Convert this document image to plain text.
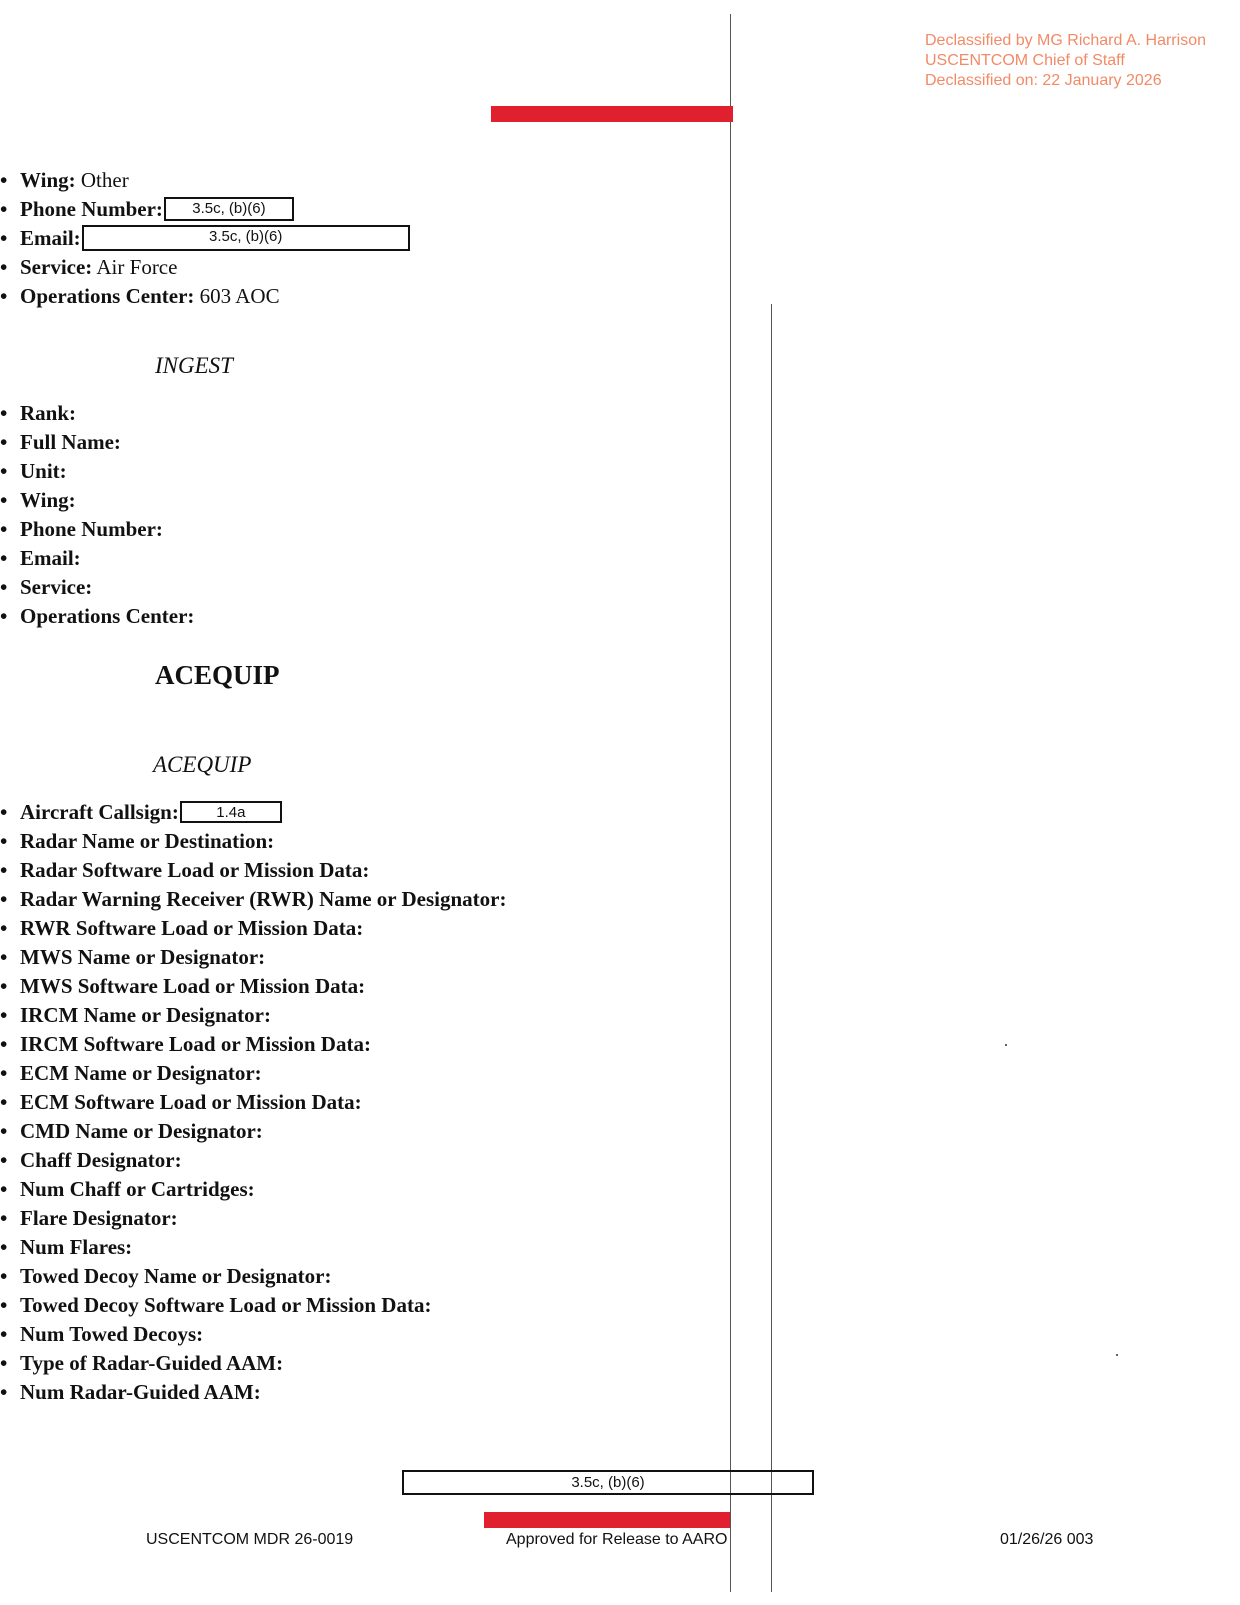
Declassified by MG Richard A. Harrison
USCENTCOM Chief of Staff
Declassified on: 22 January 2026
• Wing: Other
• Phone Number: 3.5c, (b)(6)
• Email:	3.5c, (b)(6)
• Service: Air Force
• Operations Center: 603 AOC
INGEST
• Rank:
• Full Name:
• Unit:
• Wing:
• Phone Number:
• Email:
• Service:
• Operations Center:
ACEQUIP
ACEQUIP
• Aircraft Callsign: 1.4a
• Radar Name or Destination:
• Radar Software Load or Mission Data:
• Radar Warning Receiver (RWR) Name or Designator:
• RWR Software Load or Mission Data:
• MWS Name or Designator:
• MWS Software Load or Mission Data:
• IRCM Name or Designator:
• IRCM Software Load or Mission Data:
• ECM Name or Designator:
• ECM Software Load or Mission Data:
• CMD Name or Designator:
• Chaff Designator:
• Num Chaff or Cartridges:
• Flare Designator:
• Num Flares:
• Towed Decoy Name or Designator:
• Towed Decoy Software Load or Mission Data:
• Num Towed Decoys:
• Type of Radar-Guided AAM:
• Num Radar-Guided AAM:
3.5c, (b)(6)
USCENTCOM MDR 26-0019	Approved for Release to AARO	01/26/26 003
